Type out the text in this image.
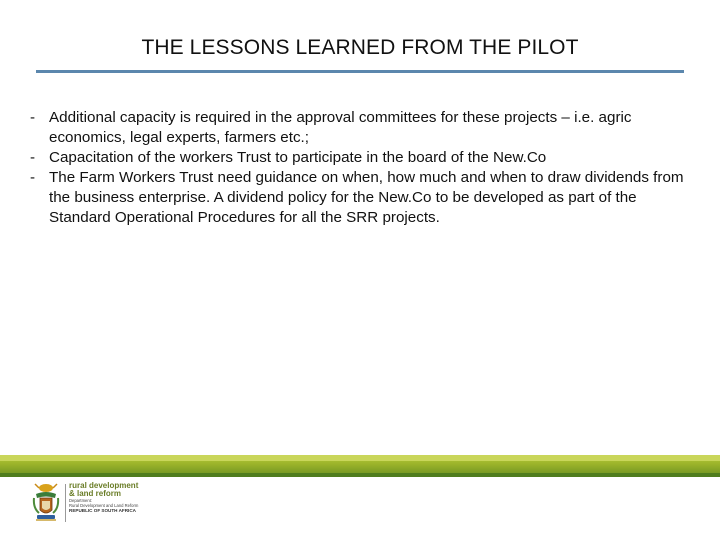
THE LESSONS LEARNED FROM THE PILOT
- Additional capacity is required in the approval committees for these projects – i.e. agric economics, legal experts, farmers etc.;
- Capacitation of the workers Trust to participate in the board of the New.Co
- The Farm Workers Trust need guidance on when, how much and when to draw dividends from the business enterprise. A dividend policy for the New.Co to be developed as part of the Standard Operational Procedures for all the SRR projects.
rural development
& land reform
Department:
Rural Development and Land Reform
REPUBLIC OF SOUTH AFRICA
